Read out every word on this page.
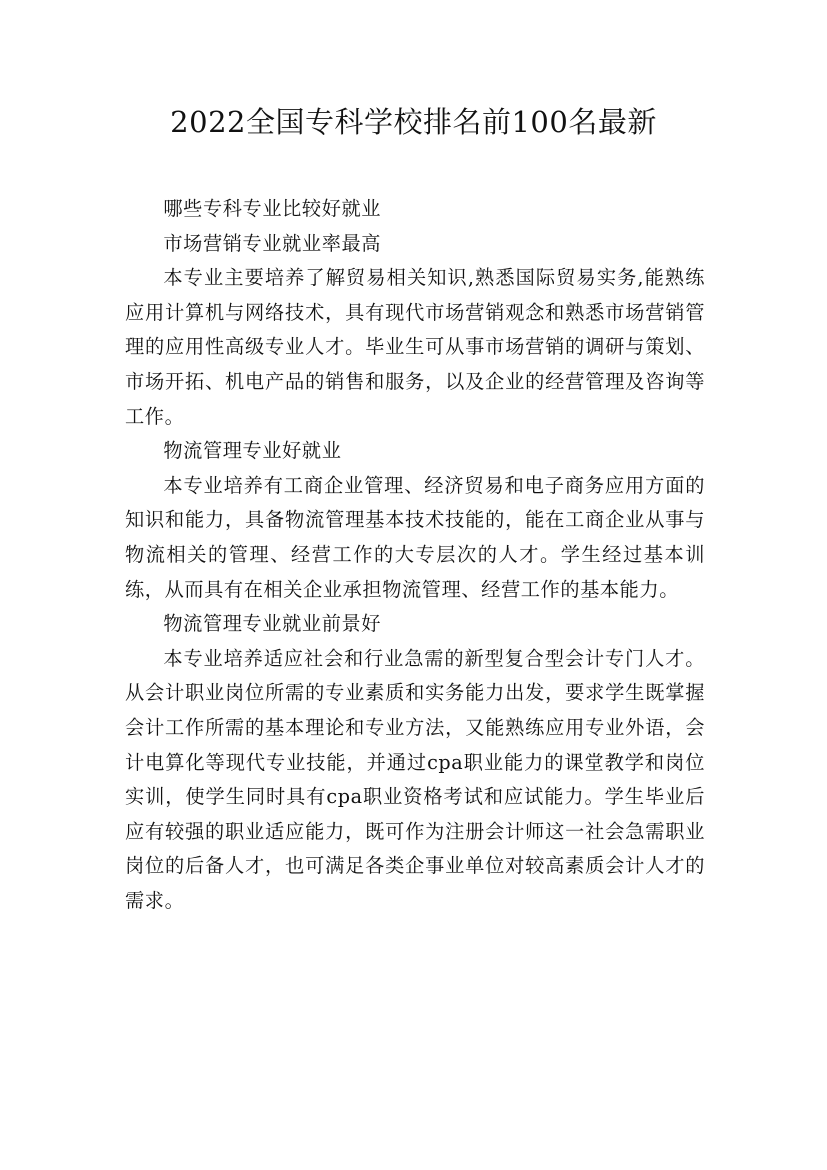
2022全国专科学校排名前100名最新

哪些专科专业比较好就业

市场营销专业就业率最高

本专业主要培养了解贸易相关知识,熟悉国际贸易实务,能熟练应用计算机与网络技术，具有现代市场营销观念和熟悉市场营销管理的应用性高级专业人才。毕业生可从事市场营销的调研与策划、市场开拓、机电产品的销售和服务，以及企业的经营管理及咨询等工作。

物流管理专业好就业

本专业培养有工商企业管理、经济贸易和电子商务应用方面的知识和能力，具备物流管理基本技术技能的，能在工商企业从事与物流相关的管理、经营工作的大专层次的人才。学生经过基本训练，从而具有在相关企业承担物流管理、经营工作的基本能力。

物流管理专业就业前景好

本专业培养适应社会和行业急需的新型复合型会计专门人才。从会计职业岗位所需的专业素质和实务能力出发，要求学生既掌握会计工作所需的基本理论和专业方法，又能熟练应用专业外语，会计电算化等现代专业技能，并通过cpa职业能力的课堂教学和岗位实训，使学生同时具有cpa职业资格考试和应试能力。学生毕业后应有较强的职业适应能力，既可作为注册会计师这一社会急需职业岗位的后备人才，也可满足各类企事业单位对较高素质会计人才的需求。
